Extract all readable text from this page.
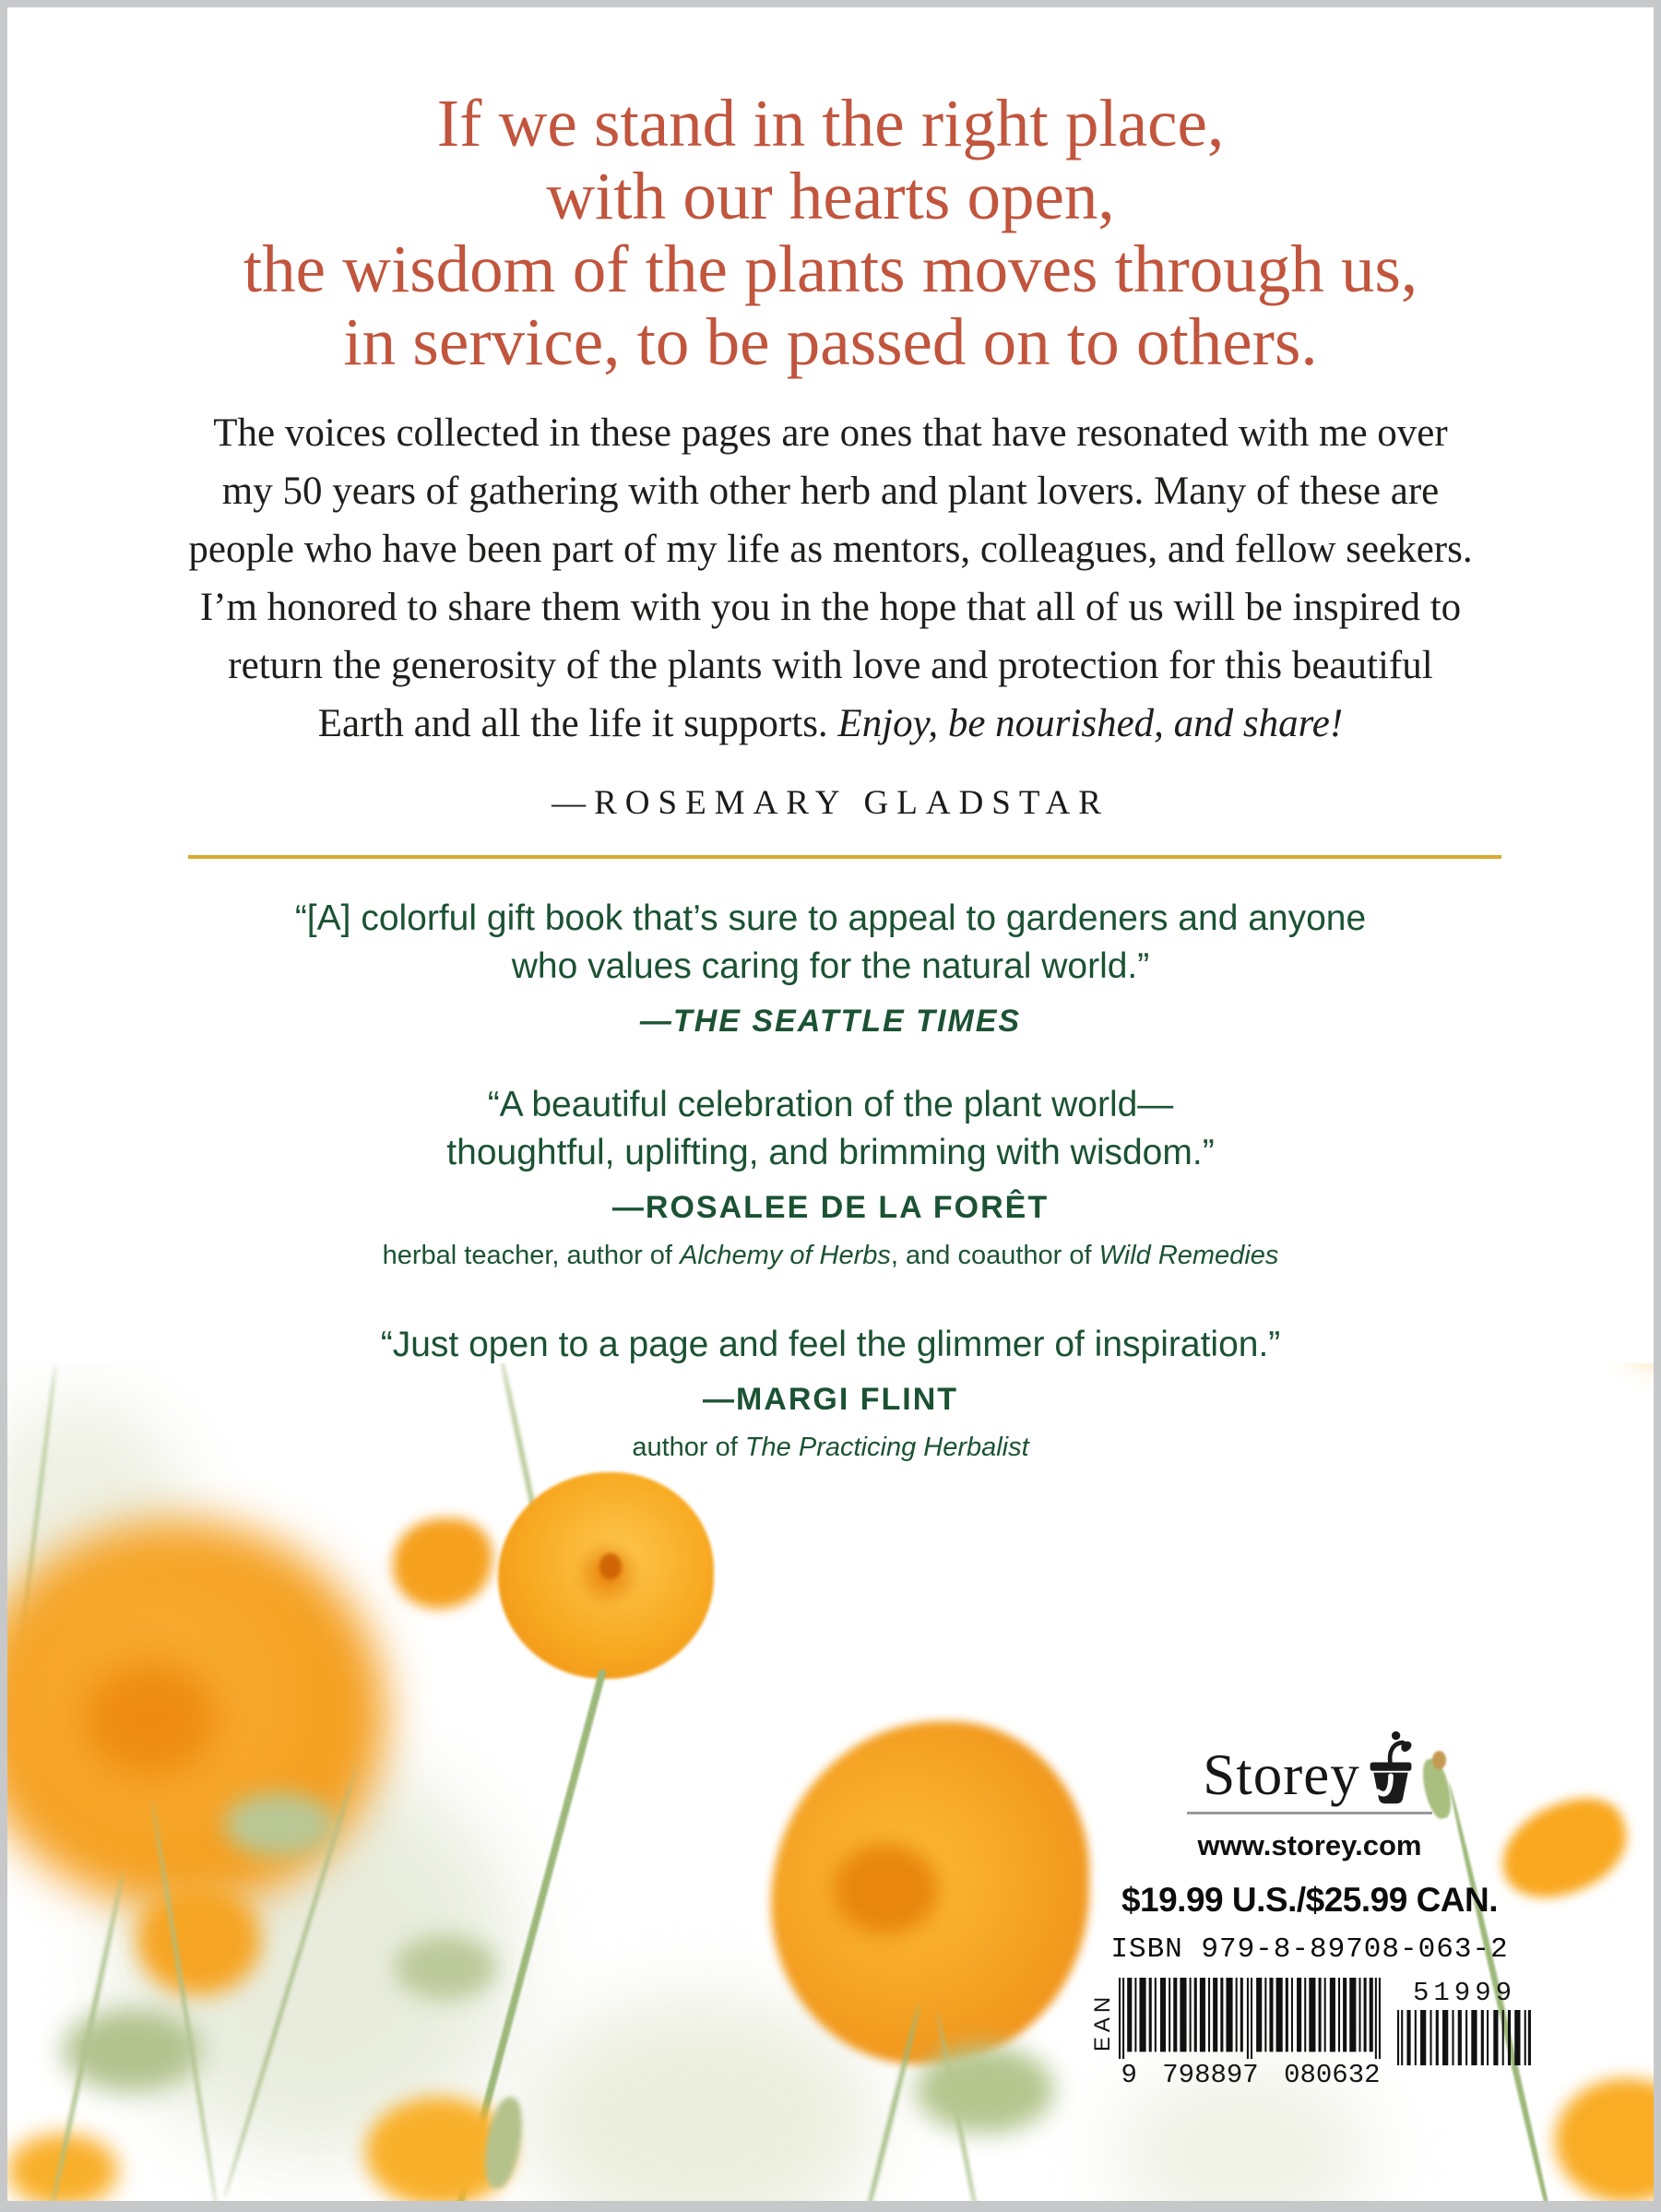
If we stand in the right place,
with our hearts open,
the wisdom of the plants moves through us,
in service, to be passed on to others.
The voices collected in these pages are ones that have resonated with me over
my 50 years of gathering with other herb and plant lovers. Many of these are
people who have been part of my life as mentors, colleagues, and fellow seekers.
I’m honored to share them with you in the hope that all of us will be inspired to
return the generosity of the plants with love and protection for this beautiful
Earth and all the life it supports. Enjoy, be nourished, and share!
—ROSEMARY GLADSTAR
“[A] colorful gift book that’s sure to appeal to gardeners and anyone
who values caring for the natural world.”
—THE SEATTLE TIMES
“A beautiful celebration of the plant world—
thoughtful, uplifting, and brimming with wisdom.”
—ROSALEE DE LA FORÊT
herbal teacher, author of Alchemy of Herbs, and coauthor of Wild Remedies
“Just open to a page and feel the glimmer of inspiration.”
—MARGI FLINT
author of The Practicing Herbalist
Storey
www.storey.com
$19.99 U.S./$25.99 CAN.
ISBN 979-8-89708-063-2
EAN
9 798897 080632
51999
